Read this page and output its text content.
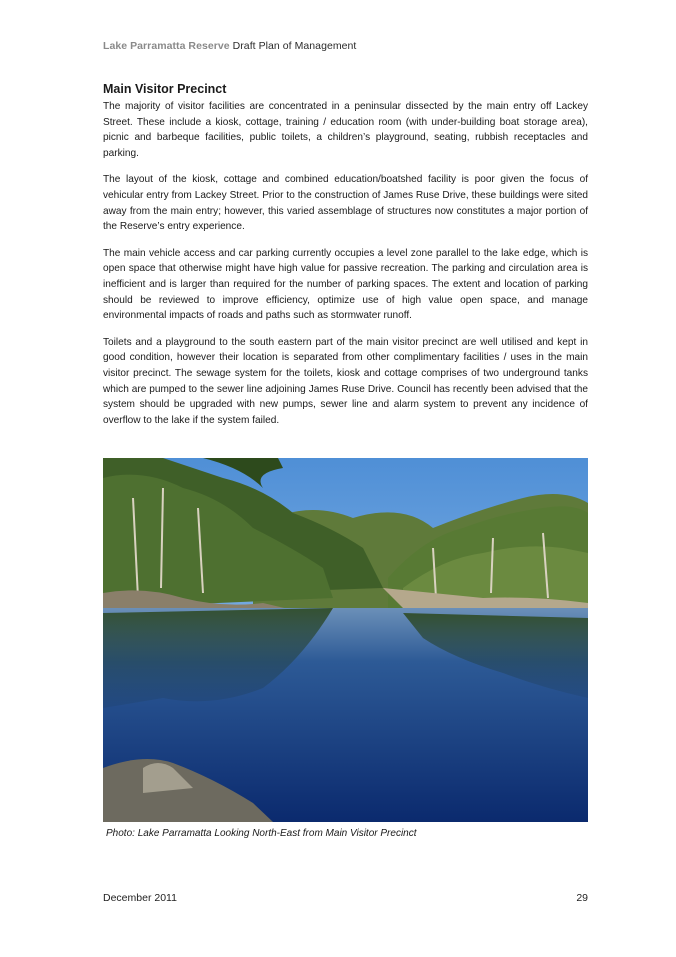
Lake Parramatta Reserve Draft Plan of Management
Main Visitor Precinct

The majority of visitor facilities are concentrated in a peninsular dissected by the main entry off Lackey Street. These include a kiosk, cottage, training / education room (with under-building boat storage area), picnic and barbeque facilities, public toilets, a children’s playground, seating, rubbish receptacles and parking.

The layout of the kiosk, cottage and combined education/boatshed facility is poor given the focus of vehicular entry from Lackey Street. Prior to the construction of James Ruse Drive, these buildings were sited away from the main entry; however, this varied assemblage of structures now constitutes a major portion of the Reserve’s entry experience.

The main vehicle access and car parking currently occupies a level zone parallel to the lake edge, which is open space that otherwise might have high value for passive recreation. The parking and circulation area is inefficient and is larger than required for the number of parking spaces. The extent and location of parking should be reviewed to improve efficiency, optimize use of high value open space, and manage environmental impacts of roads and paths such as stormwater runoff.

Toilets and a playground to the south eastern part of the main visitor precinct are well utilised and kept in good condition, however their location is separated from other complimentary facilities / uses in the main visitor precinct. The sewage system for the toilets, kiosk and cottage comprises of two underground tanks which are pumped to the sewer line adjoining James Ruse Drive. Council has recently been advised that the system should be upgraded with new pumps, sewer line and alarm system to prevent any incidence of overflow to the lake if the system failed.

Photo: Lake Parramatta Looking North-East from Main Visitor Precinct
December 2011	29
